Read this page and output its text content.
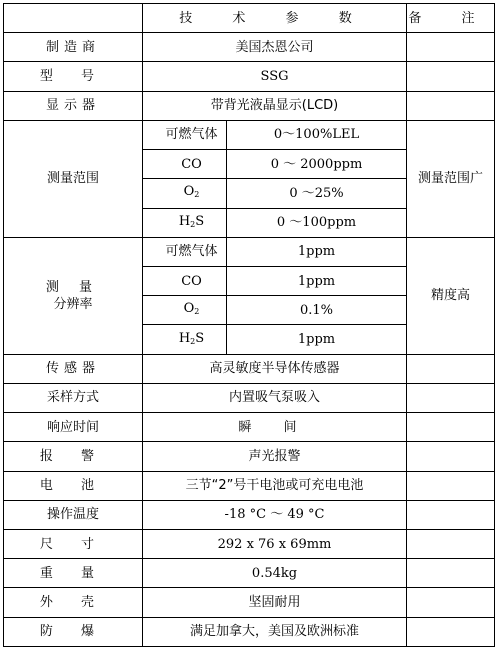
	技 术 参 数		备 注
制造商	美国杰恩公司		
型 号	SSG		
显示器	带背光液晶显示(LCD)		
测量范围	可燃气体	0～100%LEL	测量范围广
	CO	0 ～ 2000ppm	
	$O_2$	0 ～25%	
	$H_2S$	0 ～100ppm	

测 量
分辨率	可燃气体	1ppm	精度高
	CO	1ppm	
	$O_2$	0.1%	
	$H_2S$	1ppm	
传感器	高灵敏度半导体传感器		
采样方式	内置吸气泵吸入		
响应时间	瞬 间		
报 警	声光报警		
电 池	三节“2”号干电池或可充电电池		
操作温度	-18 °C ～ 49 °C		
尺 寸	292 x 76 x 69mm		
重 量	0.54kg		
外 壳	坚固耐用		
防 爆	满足加拿大，美国及欧洲标准		
